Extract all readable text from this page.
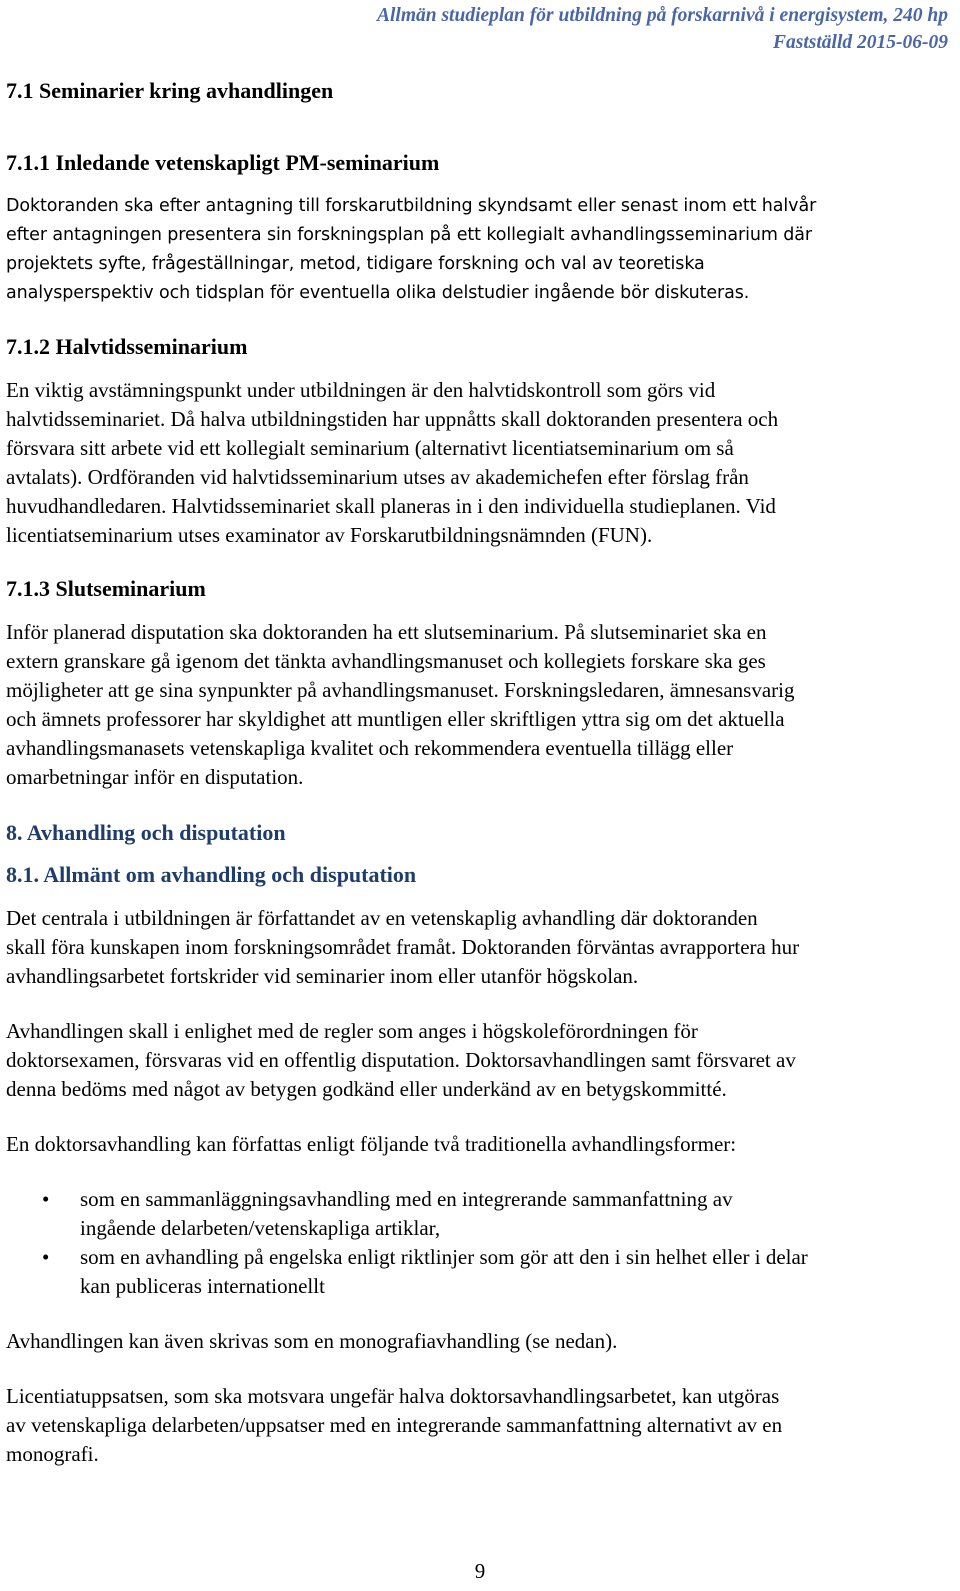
Allmän studieplan för utbildning på forskarnivå i energisystem, 240 hp
Fastställd 2015-06-09
7.1 Seminarier kring avhandlingen
7.1.1 Inledande vetenskapligt PM-seminarium
Doktoranden ska efter antagning till forskarutbildning skyndsamt eller senast inom ett halvår
efter antagningen presentera sin forskningsplan på ett kollegialt avhandlingsseminarium där
projektets syfte, frågeställningar, metod, tidigare forskning och val av teoretiska
analysperspektiv och tidsplan för eventuella olika delstudier ingående bör diskuteras.
7.1.2 Halvtidsseminarium

En viktig avstämningspunkt under utbildningen är den halvtidskontroll som görs vid

halvtidsseminariet. Då halva utbildningstiden har uppnåtts skall doktoranden presentera och

försvara sitt arbete vid ett kollegialt seminarium (alternativt licentiatseminarium om så

avtalats). Ordföranden vid halvtidsseminarium utses av akademichefen efter förslag från

huvudhandledaren. Halvtidsseminariet skall planeras in i den individuella studieplanen. Vid

licentiatseminarium utses examinator av Forskarutbildningsnämnden (FUN).

7.1.3 Slutseminarium

Inför planerad disputation ska doktoranden ha ett slutseminarium. På slutseminariet ska en

extern granskare gå igenom det tänkta avhandlingsmanuset och kollegiets forskare ska ges

möjligheter att ge sina synpunkter på avhandlingsmanuset. Forskningsledaren, ämnesansvarig

och ämnets professorer har skyldighet att muntligen eller skriftligen yttra sig om det aktuella

avhandlingsmanasets vetenskapliga kvalitet och rekommendera eventuella tillägg eller

omarbetningar inför en disputation.

8. Avhandling och disputation
8.1. Allmänt om avhandling och disputation

Det centrala i utbildningen är författandet av en vetenskaplig avhandling där doktoranden

skall föra kunskapen inom forskningsområdet framåt. Doktoranden förväntas avrapportera hur

avhandlingsarbetet fortskrider vid seminarier inom eller utanför högskolan.

Avhandlingen skall i enlighet med de regler som anges i högskoleförordningen för

doktorsexamen, försvaras vid en offentlig disputation. Doktorsavhandlingen samt försvaret av

denna bedöms med något av betygen godkänd eller underkänd av en betygskommitté.

En doktorsavhandling kan författas enligt följande två traditionella avhandlingsformer:

• som en sammanläggningsavhandling med en integrerande sammanfattning av
ingående delarbeten/vetenskapliga artiklar,
• som en avhandling på engelska enligt riktlinjer som gör att den i sin helhet eller i delar
kan publiceras internationellt

Avhandlingen kan även skrivas som en monografiavhandling (se nedan).

Licentiatuppsatsen, som ska motsvara ungefär halva doktorsavhandlingsarbetet, kan utgöras

av vetenskapliga delarbeten/uppsatser med en integrerande sammanfattning alternativt av en

monografi.

9
